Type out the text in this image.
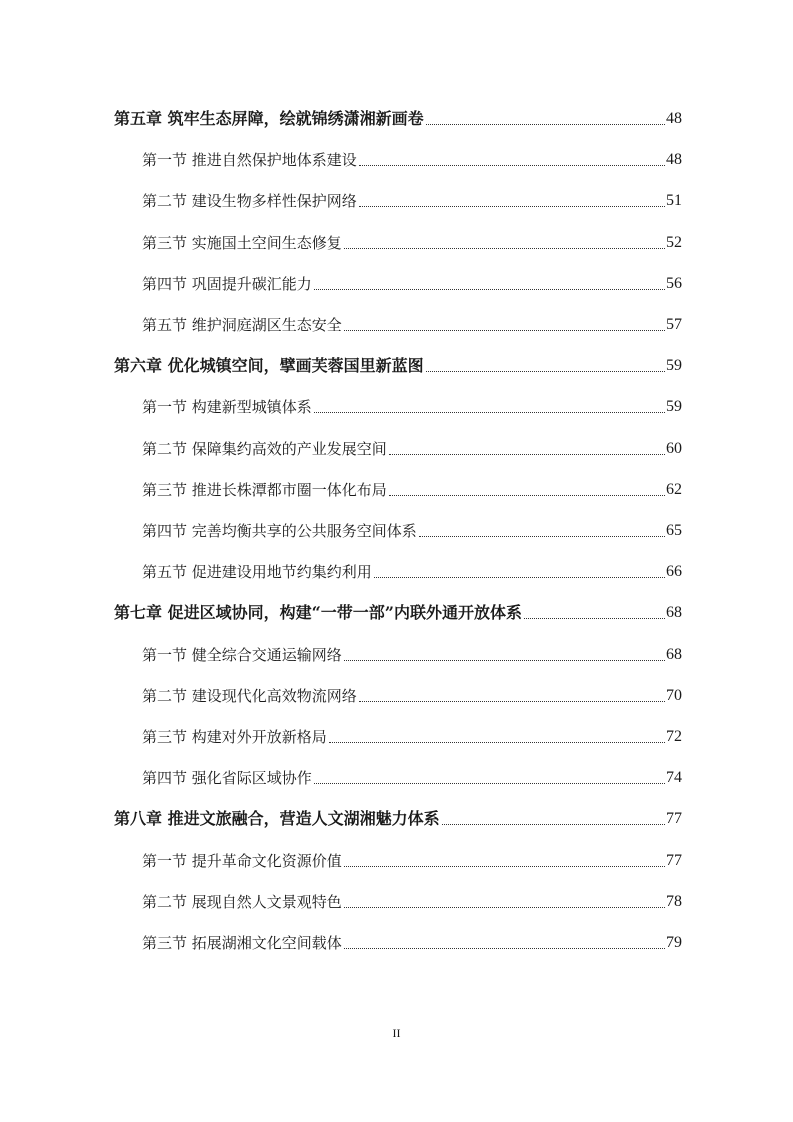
第五章 筑牢生态屏障，绘就锦绣潇湘新画卷	48
第一节 推进自然保护地体系建设	48
第二节 建设生物多样性保护网络	51
第三节 实施国土空间生态修复	52
第四节 巩固提升碳汇能力	56
第五节 维护洞庭湖区生态安全	57
第六章 优化城镇空间，擘画芙蓉国里新蓝图	59
第一节 构建新型城镇体系	59
第二节 保障集约高效的产业发展空间	60
第三节 推进长株潭都市圈一体化布局	62
第四节 完善均衡共享的公共服务空间体系	65
第五节 促进建设用地节约集约利用	66
第七章 促进区域协同，构建“一带一部”内联外通开放体系	68
第一节 健全综合交通运输网络	68
第二节 建设现代化高效物流网络	70
第三节 构建对外开放新格局	72
第四节 强化省际区域协作	74
第八章 推进文旅融合，营造人文湖湘魅力体系	77
第一节 提升革命文化资源价值	77
第二节 展现自然人文景观特色	78
第三节 拓展湖湘文化空间载体	79
II
